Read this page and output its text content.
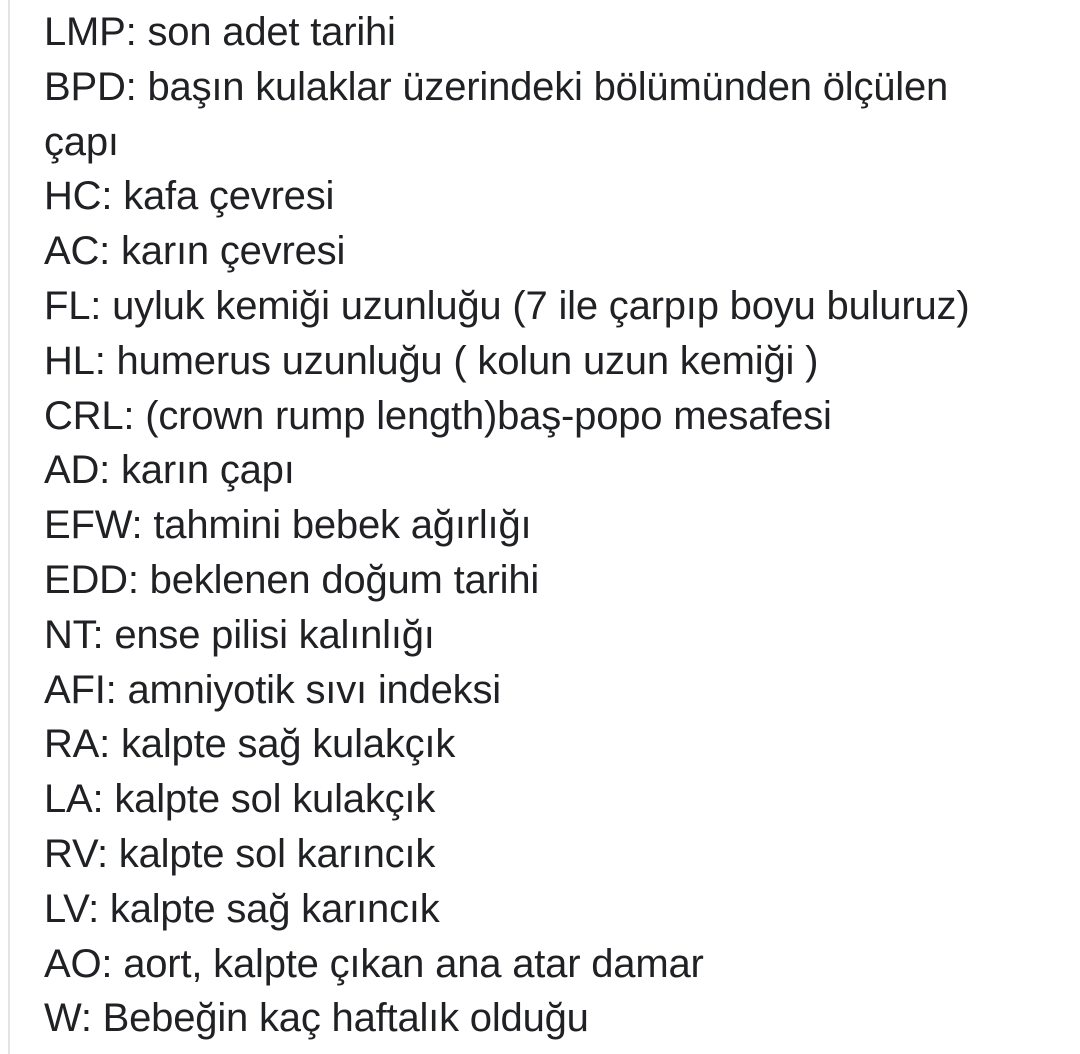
LMP: son adet tarihi
BPD: başın kulaklar üzerindeki bölümünden ölçülen
çapı
HC: kafa çevresi
AC: karın çevresi
FL: uyluk kemiği uzunluğu (7 ile çarpıp boyu buluruz)
HL: humerus uzunluğu ( kolun uzun kemiği )
CRL: (crown rump length)baş-popo mesafesi
AD: karın çapı
EFW: tahmini bebek ağırlığı
EDD: beklenen doğum tarihi
NT: ense pilisi kalınlığı
AFI: amniyotik sıvı indeksi
RA: kalpte sağ kulakçık
LA: kalpte sol kulakçık
RV: kalpte sol karıncık
LV: kalpte sağ karıncık
AO: aort, kalpte çıkan ana atar damar
W: Bebeğin kaç haftalık olduğu
